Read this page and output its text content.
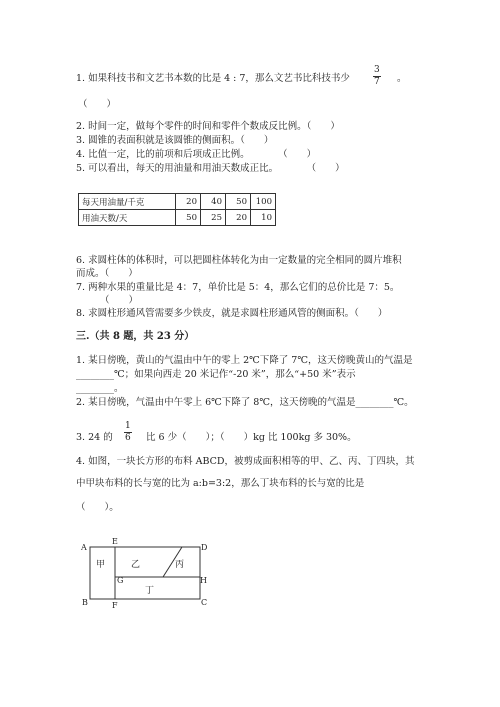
1. 如果科技书和文艺书本数的比是 4 : 7，那么文艺书比科技书少	$\frac{3}{7}$ 。
（　　）
2. 时间一定，做每个零件的时间和零件个数成反比例。（　　）
3. 圆锥的表面积就是该圆锥的侧面积。（　　）
4. 比值一定，比的前项和后项成正比例。　　　　（　　）
5. 可以看出，每天的用油量和用油天数成正比。　　　　（　　）
每天用油量/千克	20	40	50	100
用油天数/天	50	25	20	10
6. 求圆柱体的体积时，可以把圆柱体转化为由一定数量的完全相同的圆片堆积
而成。（　　）
7. 两种水果的重量比是 4：7，单价比是 5：4，那么它们的总价比是 7：5。
（　　）
8. 求圆柱形通风管需要多少铁皮，就是求圆柱形通风管的侧面积。（　　）
三.（共 8 题，共 23 分）
1. 某日傍晚，黄山的气温由中午的零上 2℃下降了 7℃，这天傍晚黄山的气温是
________℃；如果向西走 20 米记作“-20 米”，那么“+50 米”表示
________。
2. 某日傍晚，气温由中午零上 6℃下降了 8℃，这天傍晚的气温是________℃。
3. 24 的 $\frac{1}{6}$ 比 6 少（　　）；（　　）kg 比 100kg 多 30%。
4. 如图，一块长方形的布料 ABCD，被剪成面积相等的甲、乙、丙、丁四块，其
中甲块布料的长与宽的比为 a:b=3:2，那么丁块布料的长与宽的比是
（　　）。
A
B	C
D
E
F
G	H
甲	乙	丙
丁
